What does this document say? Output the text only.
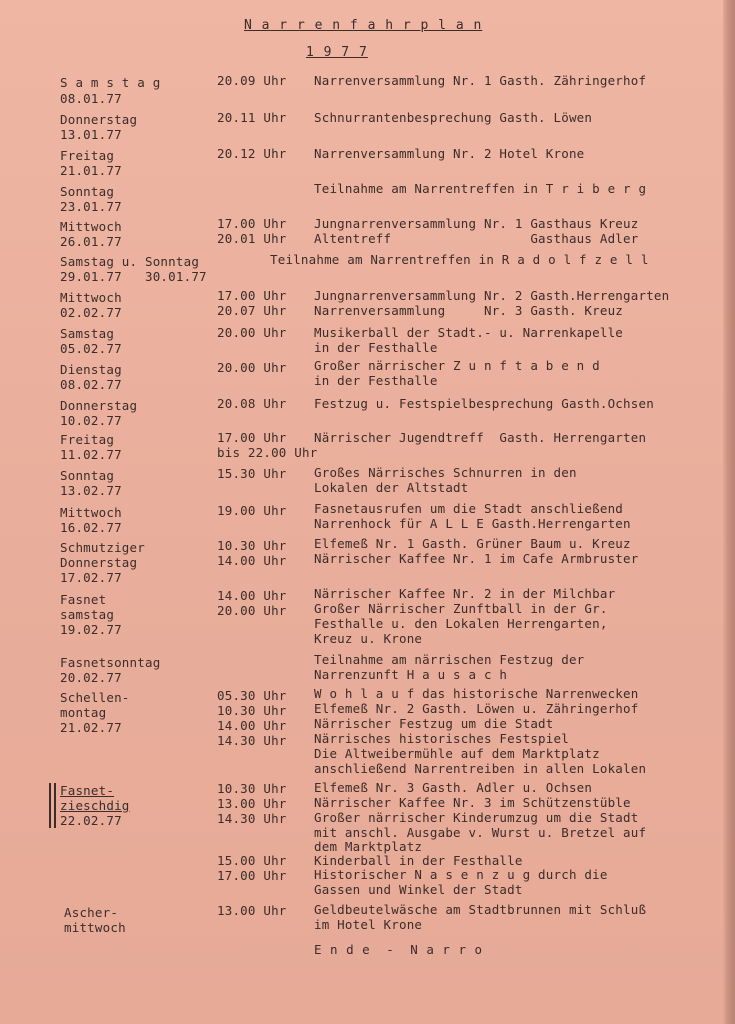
N a r r e n f a h r p l a n
1 9 7 7
S a m s t a g
08.01.77
20.09 Uhr Narrenversammlung Nr. 1 Gasth. Zähringerhof
Donnerstag
13.01.77
20.11 Uhr Schnurrantenbesprechung Gasth. Löwen
Freitag
21.01.77
20.12 Uhr Narrenversammlung Nr. 2 Hotel Krone
Sonntag
23.01.77
Teilnahme am Narrentreffen in T r i b e r g
Mittwoch
26.01.77
17.00 Uhr
20.01 Uhr
Jungnarrenversammlung Nr. 1 Gasthaus Kreuz
Altentreff                  Gasthaus Adler
Samstag u. Sonntag
29.01.77   30.01.77
Teilnahme am Narrentreffen in R a d o l f z e l l
Mittwoch
02.02.77
17.00 Uhr
20.07 Uhr
Jungnarrenversammlung Nr. 2 Gasth.Herrengarten
Narrenversammlung     Nr. 3 Gasth. Kreuz
Samstag
05.02.77
20.00 Uhr Musikerball der Stadt.- u. Narrenkapelle
in der Festhalle
Dienstag
08.02.77
20.00 Uhr Großer närrischer Z u n f t a b e n d
in der Festhalle
Donnerstag
10.02.77
20.08 Uhr Festzug u. Festspielbesprechung Gasth.Ochsen
Freitag
11.02.77
17.00 Uhr
bis 22.00 Uhr
Närrischer Jugendtreff  Gasth. Herrengarten
Sonntag
13.02.77
15.30 Uhr Großes Närrisches Schnurren in den
Lokalen der Altstadt
Mittwoch
16.02.77
19.00 Uhr Fasnetausrufen um die Stadt anschließend
Narrenhock für A L L E Gasth.Herrengarten
Schmutziger
Donnerstag
17.02.77
10.30 Uhr
14.00 Uhr
Elfemeß Nr. 1 Gasth. Grüner Baum u. Kreuz
Närrischer Kaffee Nr. 1 im Cafe Armbruster
Fasnet
samstag
19.02.77
14.00 Uhr
20.00 Uhr
Närrischer Kaffee Nr. 2 in der Milchbar
Großer Närrischer Zunftball in der Gr.
Festhalle u. den Lokalen Herrengarten,
Kreuz u. Krone
Fasnetsonntag
20.02.77
Teilnahme am närrischen Festzug der
Narrenzunft H a u s a c h
Schellen-
montag
21.02.77
05.30 Uhr
10.30 Uhr
14.00 Uhr
14.30 Uhr
W o h l a u f das historische Narrenwecken
Elfemeß Nr. 2 Gasth. Löwen u. Zähringerhof
Närrischer Festzug um die Stadt
Närrisches historisches Festspiel
Die Altweibermühle auf dem Marktplatz
anschließend Narrentreiben in allen Lokalen
Fasnet-
zieschdig
22.02.77
10.30 Uhr
13.00 Uhr
14.30 Uhr
15.00 Uhr
17.00 Uhr
Elfemeß Nr. 3 Gasth. Adler u. Ochsen
Närrischer Kaffee Nr. 3 im Schützenstüble
Großer närrischer Kinderumzug um die Stadt
mit anschl. Ausgabe v. Wurst u. Bretzel auf
dem Marktplatz
Kinderball in der Festhalle
Historischer N a s e n z u g durch die
Gassen und Winkel der Stadt
Ascher-
mittwoch
13.00 Uhr Geldbeutelwäsche am Stadtbrunnen mit Schluß
im Hotel Krone
E n d e  -  N a r r o
